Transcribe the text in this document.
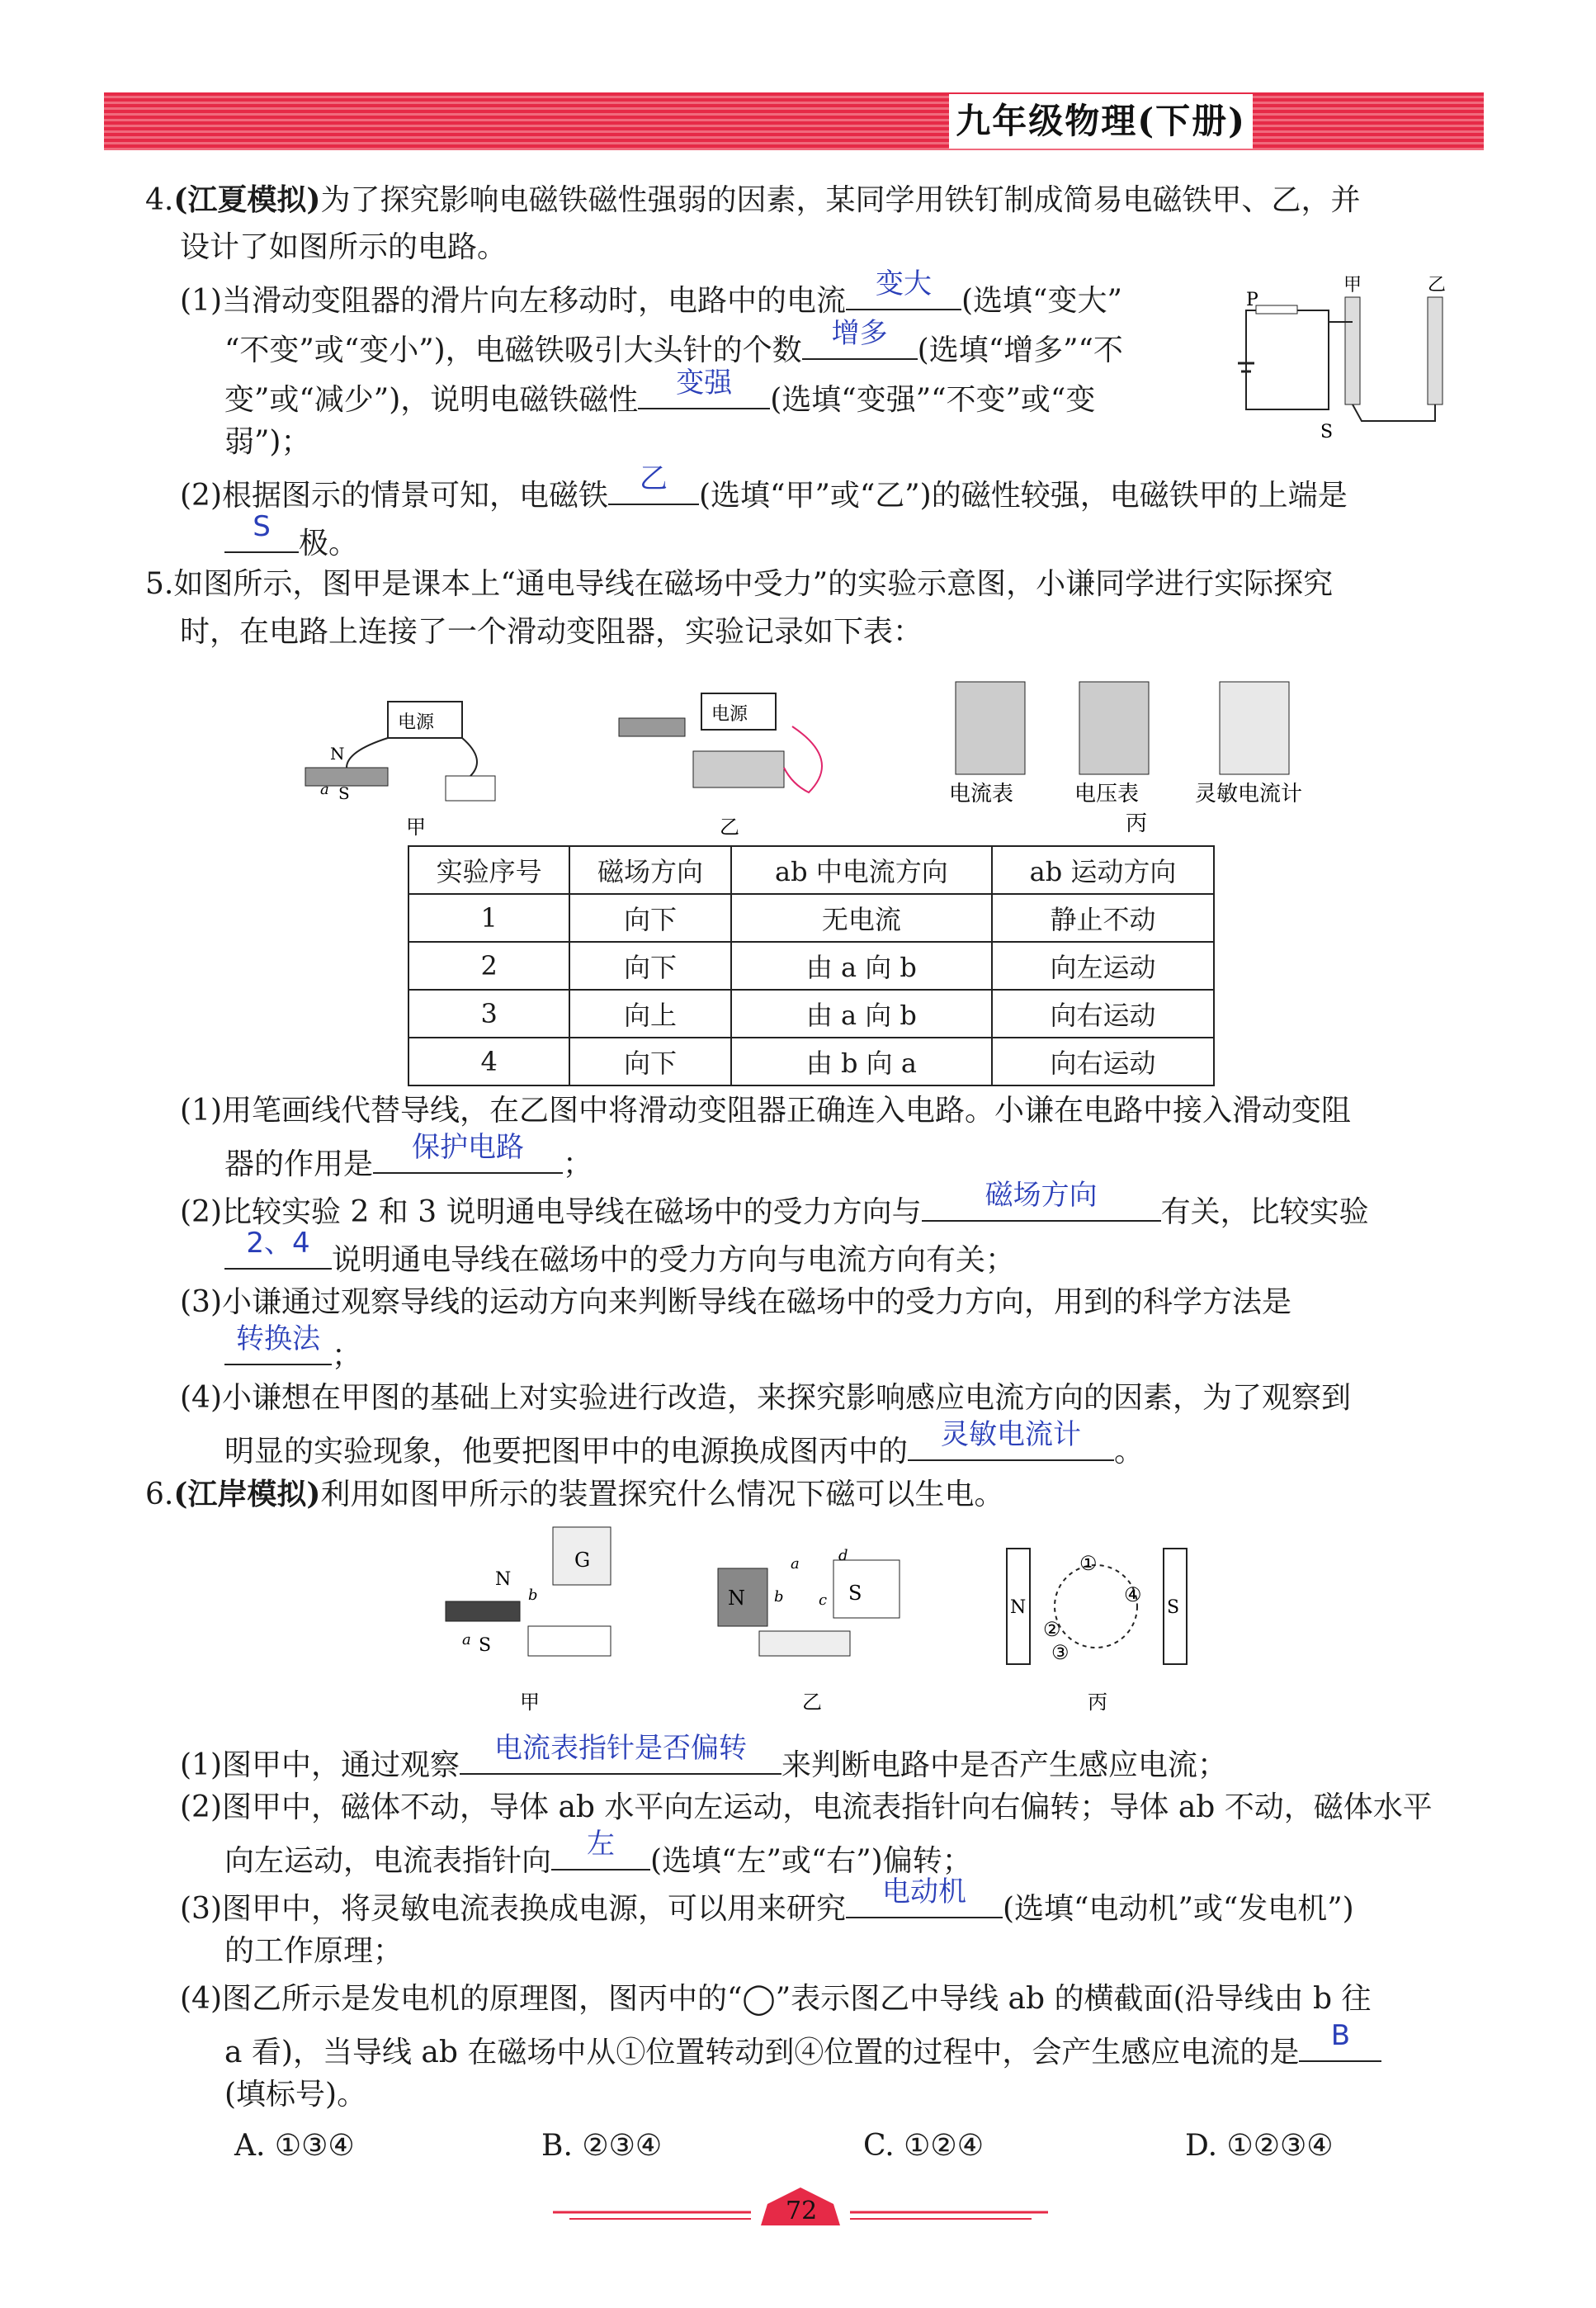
九年级物理(下册)
4.(江夏模拟)为了探究影响电磁铁磁性强弱的因素，某同学用铁钉制成简易电磁铁甲、乙，并
设计了如图所示的电路。
(1)当滑动变阻器的滑片向左移动时，电路中的电流	变大	(选填“变大”
“不变”或“变小”)，电磁铁吸引大头针的个数	增多	(选填“增多”“不
变”或“减少”)，说明电磁铁磁性	变强	(选填“变强”“不变”或“变
弱”)；
P
甲	乙
S
(2)根据图示的情景可知，电磁铁	乙	(选填“甲”或“乙”)的磁性较强，电磁铁甲的上端是
S 极。
5.如图所示，图甲是课本上“通电导线在磁场中受力”的实验示意图，小谦同学进行实际探究
时，在电路上连接了一个滑动变阻器，实验记录如下表：
电源
N
S
a
甲
电源
乙
电流表	电压表	灵敏电流计
丙
实验序号	磁场方向	ab 中电流方向	ab 运动方向
1	向下	无电流	静止不动
2	向下	由 a 向 b	向左运动
3	向上	由 a 向 b	向右运动
4	向下	由 b 向 a	向右运动
(1)用笔画线代替导线，在乙图中将滑动变阻器正确连入电路。小谦在电路中接入滑动变阻
器的作用是	保护电路	；
(2)比较实验 2 和 3 说明通电导线在磁场中的受力方向与	磁场方向	有关，比较实验
2、4 说明通电导线在磁场中的受力方向与电流方向有关；
(3)小谦通过观察导线的运动方向来判断导线在磁场中的受力方向，用到的科学方法是
转换法 ；
(4)小谦想在甲图的基础上对实验进行改造，来探究影响感应电流方向的因素，为了观察到
明显的实验现象，他要把图甲中的电源换成图丙中的	灵敏电流计	。
6.(江岸模拟)利用如图甲所示的装置探究什么情况下磁可以生电。
G
N
S
a
b
甲
N	S
a
b c
d
乙
N	S
①
④
②
③
丙
(1)图甲中，通过观察	电流表指针是否偏转	来判断电路中是否产生感应电流；
(2)图甲中，磁体不动，导体 ab 水平向左运动，电流表指针向右偏转；导体 ab 不动，磁体水平
向左运动，电流表指针向	左	(选填“左”或“右”)偏转；
(3)图甲中，将灵敏电流表换成电源，可以用来研究	电动机	(选填“电动机”或“发电机”)
的工作原理；
(4)图乙所示是发电机的原理图，图丙中的“◯”表示图乙中导线 ab 的横截面(沿导线由 b 往
a 看)，当导线 ab 在磁场中从①位置转动到④位置的过程中，会产生感应电流的是	B
(填标号)。
A. ①③④	B. ②③④	C. ①②④	D. ①②③④
72
